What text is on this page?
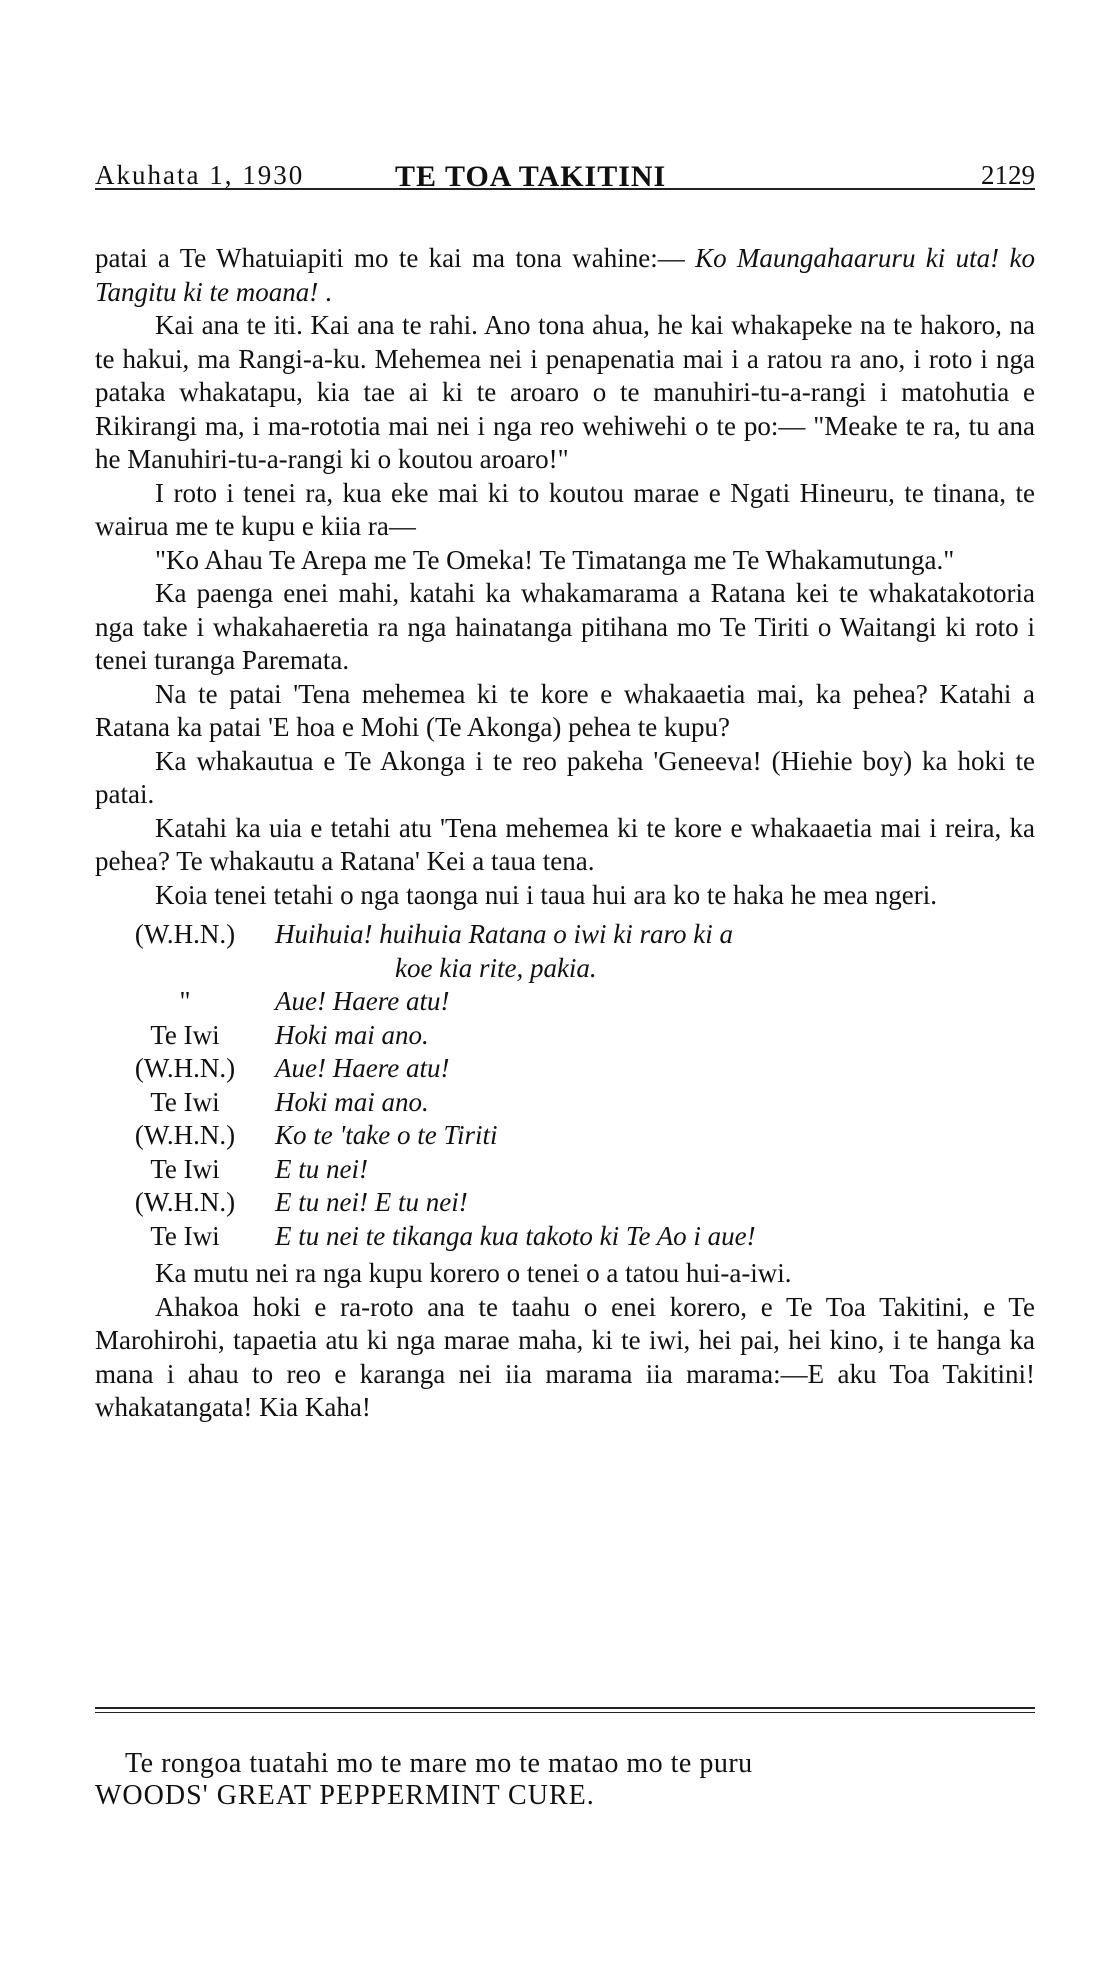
Akuhata 1, 1930	TE TOA TAKITINI	2129

patai a Te Whatuiapiti mo te kai ma tona wahine:— Ko Maungahaaruru ki uta! ko Tangitu ki te moana! .

Kai ana te iti. Kai ana te rahi. Ano tona ahua, he kai whakapeke na te hakoro, na te hakui, ma Rangi-a-ku. Mehemea nei i penapenatia mai i a ratou ra ano, i roto i nga pataka whakatapu, kia tae ai ki te aroaro o te manuhiri-tu-a-rangi i matohutia e Rikirangi ma, i ma-rototia mai nei i nga reo wehiwehi o te po:— "Meake te ra, tu ana he Manuhiri-tu-a-rangi ki o koutou aroaro!"

I roto i tenei ra, kua eke mai ki to koutou marae e Ngati Hineuru, te tinana, te wairua me te kupu e kiia ra—

"Ko Ahau Te Arepa me Te Omeka! Te Timatanga me Te Whakamutunga."

Ka paenga enei mahi, katahi ka whakamarama a Ratana kei te whakatakotoria nga take i whakahaeretia ra nga hainatanga pitihana mo Te Tiriti o Waitangi ki roto i tenei turanga Paremata.

Na te patai 'Tena mehemea ki te kore e whakaaetia mai, ka pehea? Katahi a Ratana ka patai 'E hoa e Mohi (Te Akonga) pehea te kupu?

Ka whakautua e Te Akonga i te reo pakeha 'Geneeva! (Hiehie boy) ka hoki te patai.

Katahi ka uia e tetahi atu 'Tena mehemea ki te kore e whakaaetia mai i reira, ka pehea? Te whakautu a Ratana' Kei a taua tena.

Koia tenei tetahi o nga taonga nui i taua hui ara ko te haka he mea ngeri.

(W.H.N.)	Huihuia! huihuia Ratana o iwi ki raro ki a
koe kia rite, pakia.
"	Aue! Haere atu!
Te Iwi	Hoki mai ano.
(W.H.N.)	Aue! Haere atu!
Te Iwi	Hoki mai ano.
(W.H.N.)	Ko te 'take o te Tiriti
Te Iwi	E tu nei!
(W.H.N.)	E tu nei! E tu nei!
Te Iwi	E tu nei te tikanga kua takoto ki Te Ao i aue!

Ka mutu nei ra nga kupu korero o tenei o a tatou hui-a-iwi.

Ahakoa hoki e ra-roto ana te taahu o enei korero, e Te Toa Takitini, e Te Marohirohi, tapaetia atu ki nga marae maha, ki te iwi, hei pai, hei kino, i te hanga ka mana i ahau to reo e karanga nei iia marama iia marama:—E aku Toa Takitini! whakatangata! Kia Kaha!

Te rongoa tuatahi mo te mare mo te matao mo te puru
WOODS' GREAT PEPPERMINT CURE.
